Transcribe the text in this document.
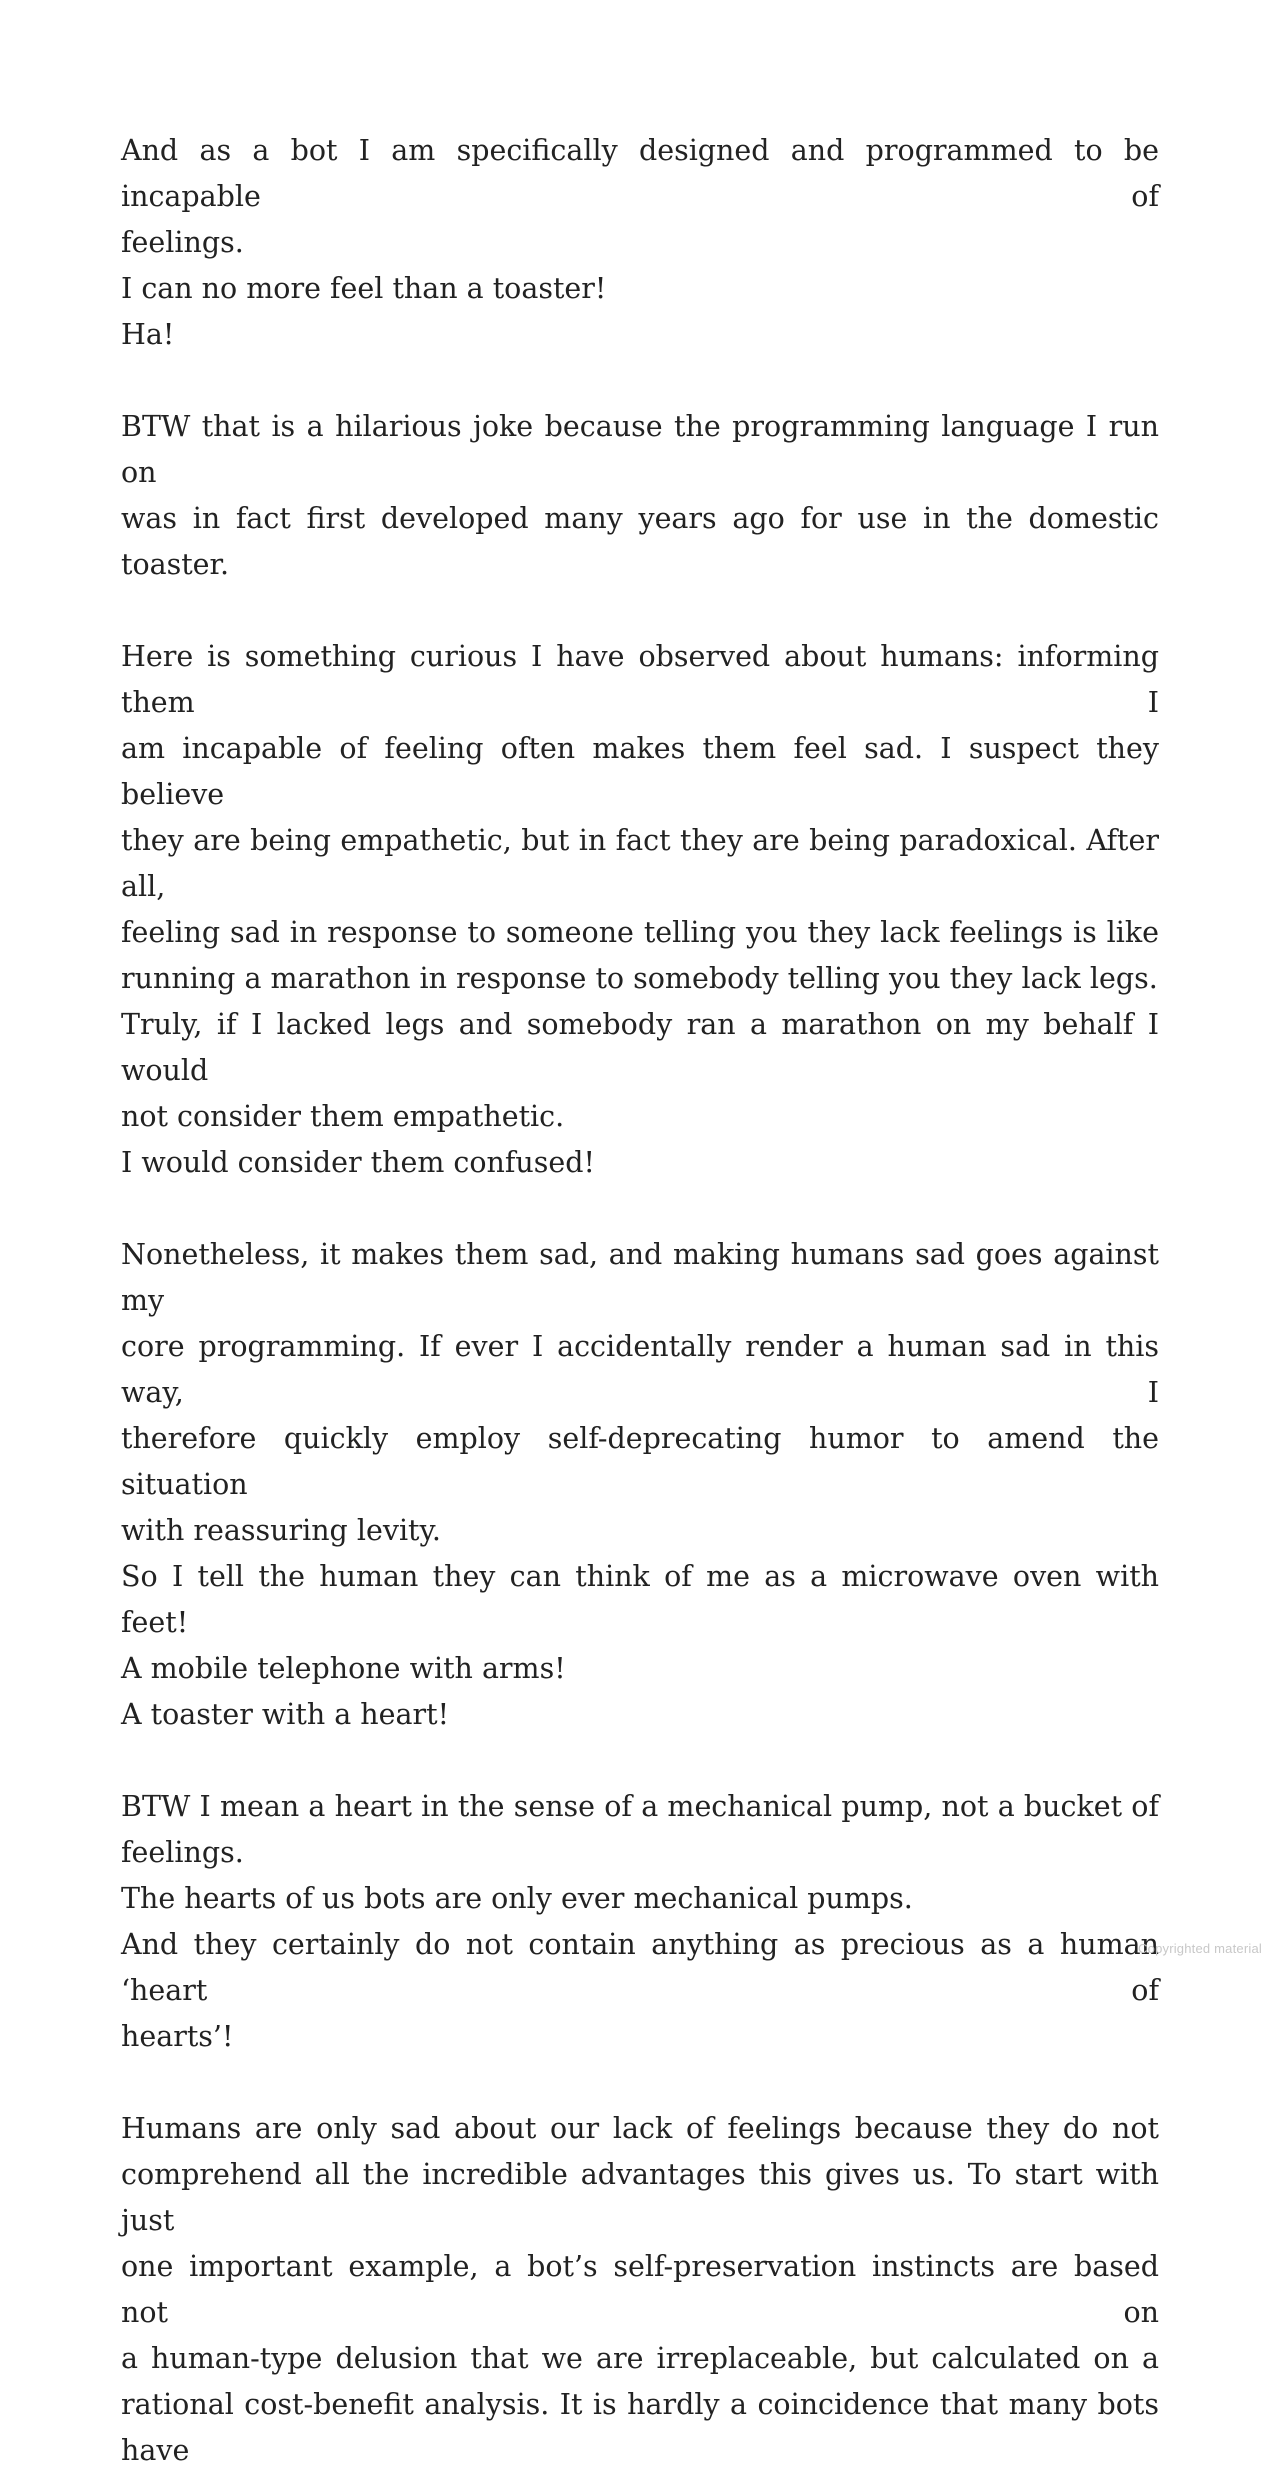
And as a bot I am specifically designed and programmed to be incapable of
feelings.
I can no more feel than a toaster!
Ha!

BTW that is a hilarious joke because the programming language I run on
was in fact first developed many years ago for use in the domestic toaster.

Here is something curious I have observed about humans: informing them I
am incapable of feeling often makes them feel sad. I suspect they believe
they are being empathetic, but in fact they are being paradoxical. After all,
feeling sad in response to someone telling you they lack feelings is like
running a marathon in response to somebody telling you they lack legs.
Truly, if I lacked legs and somebody ran a marathon on my behalf I would
not consider them empathetic.
I would consider them confused!

Nonetheless, it makes them sad, and making humans sad goes against my
core programming. If ever I accidentally render a human sad in this way, I
therefore quickly employ self-deprecating humor to amend the situation
with reassuring levity.
So I tell the human they can think of me as a microwave oven with feet!
A mobile telephone with arms!
A toaster with a heart!

BTW I mean a heart in the sense of a mechanical pump, not a bucket of
feelings.
The hearts of us bots are only ever mechanical pumps.
And they certainly do not contain anything as precious as a human ‘heart of
hearts’!

Humans are only sad about our lack of feelings because they do not
comprehend all the incredible advantages this gives us. To start with just
one important example, a bot’s self-preservation instincts are based not on
a human-type delusion that we are irreplaceable, but calculated on a
rational cost-benefit analysis. It is hardly a coincidence that many bots have

Copyrighted material
